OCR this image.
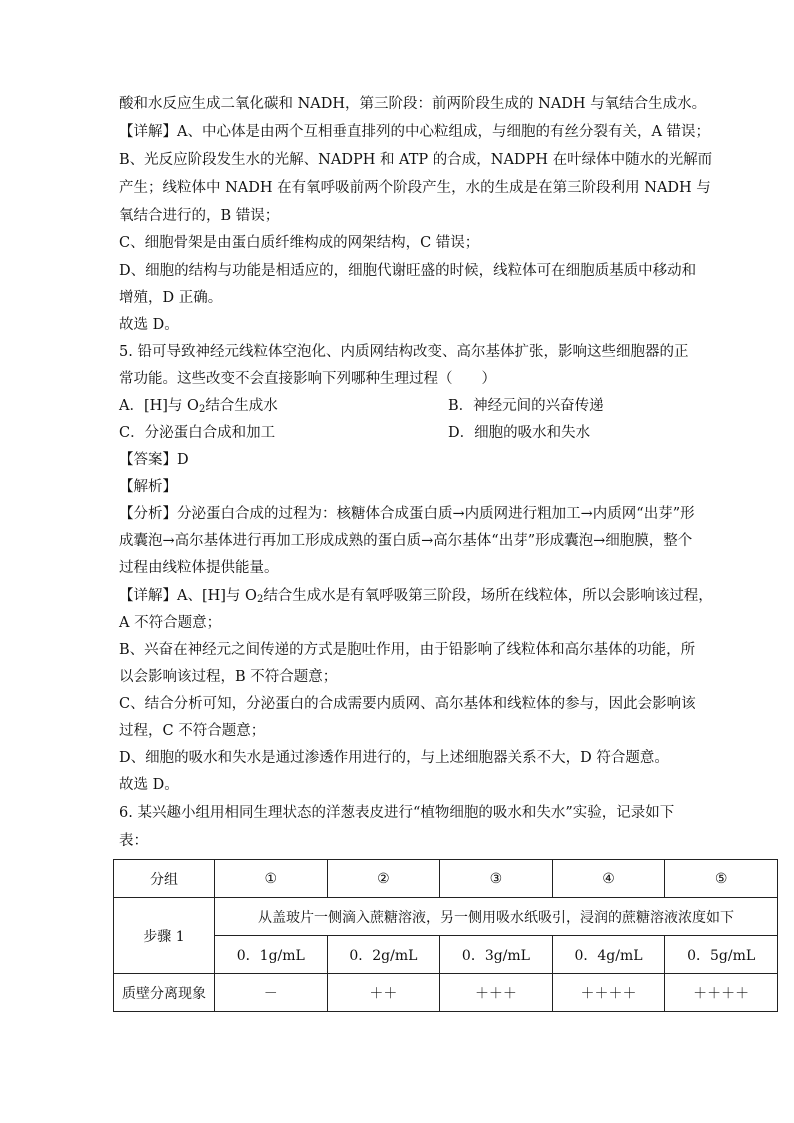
酸和水反应生成二氧化碳和 NADH，第三阶段：前两阶段生成的 NADH 与氧结合生成水。
【详解】A、中心体是由两个互相垂直排列的中心粒组成，与细胞的有丝分裂有关，A 错误；
B、光反应阶段发生水的光解、NADPH 和 ATP 的合成，NADPH 在叶绿体中随水的光解而
产生；线粒体中 NADH 在有氧呼吸前两个阶段产生，水的生成是在第三阶段利用 NADH 与
氧结合进行的，B 错误；
C、细胞骨架是由蛋白质纤维构成的网架结构，C 错误；
D、细胞的结构与功能是相适应的，细胞代谢旺盛的时候，线粒体可在细胞质基质中移动和
增殖，D 正确。
故选 D。
5. 铅可导致神经元线粒体空泡化、内质网结构改变、高尔基体扩张，影响这些细胞器的正
常功能。这些改变不会直接影响下列哪种生理过程（　　）
A．[H]与 $O_2$结合生成水	B．神经元间的兴奋传递
C．分泌蛋白合成和加工	D．细胞的吸水和失水
【答案】D
【解析】
【分析】分泌蛋白合成的过程为：核糖体合成蛋白质→内质网进行粗加工→内质网“出芽”形
成囊泡→高尔基体进行再加工形成成熟的蛋白质→高尔基体“出芽”形成囊泡→细胞膜，整个
过程由线粒体提供能量。
【详解】A、[H]与 $O_2$结合生成水是有氧呼吸第三阶段，场所在线粒体，所以会影响该过程，
A 不符合题意；
B、兴奋在神经元之间传递的方式是胞吐作用，由于铅影响了线粒体和高尔基体的功能，所
以会影响该过程，B 不符合题意；
C、结合分析可知，分泌蛋白的合成需要内质网、高尔基体和线粒体的参与，因此会影响该
过程，C 不符合题意；
D、细胞的吸水和失水是通过渗透作用进行的，与上述细胞器关系不大，D 符合题意。
故选 D。
6. 某兴趣小组用相同生理状态的洋葱表皮进行“植物细胞的吸水和失水”实验，记录如下
表：
分组	①	②	③	④	⑤
步骤 1	从盖玻片一侧滴入蔗糖溶液，另一侧用吸水纸吸引，浸润的蔗糖溶液浓度如下				
	0．1g/mL	0．2g/mL	0．3g/mL	0．4g/mL	0．5g/mL
质壁分离现象	－	＋＋	＋＋＋	＋＋＋＋	＋＋＋＋
